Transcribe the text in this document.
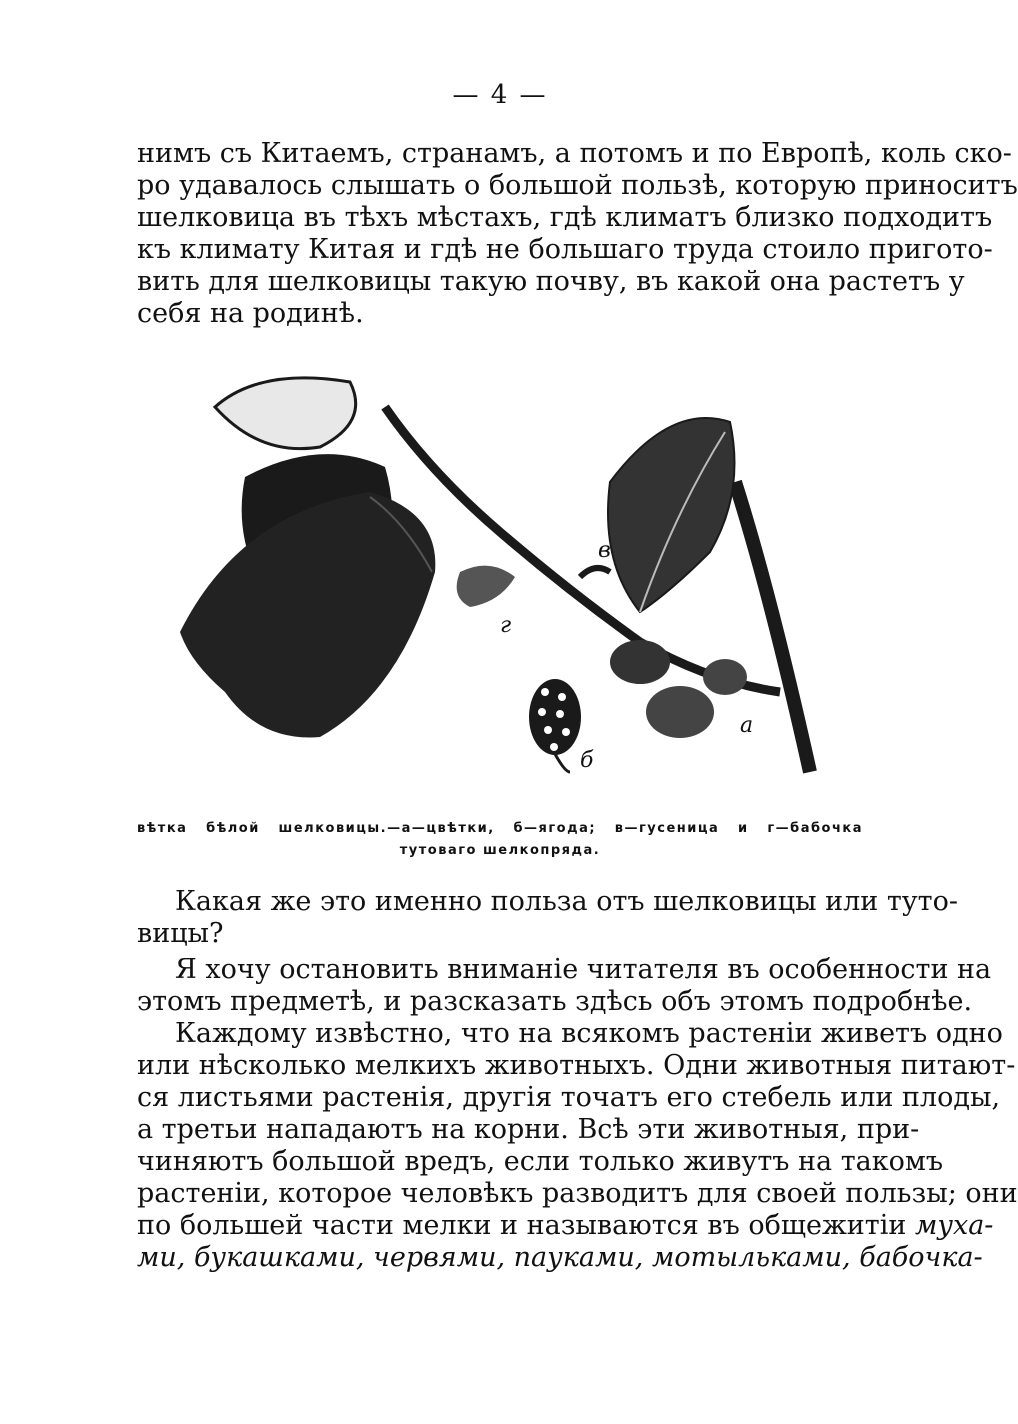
— 4 —

нимъ съ Китаемъ, странамъ, а потомъ и по Европѣ, коль ско-
ро удавалось слышать о большой пользѣ, которую приноситъ
шелковица въ тѣхъ мѣстахъ, гдѣ климатъ близко подходитъ
къ климату Китая и гдѣ не большаго труда стоило пригото-
вить для шелковицы такую почву, въ какой она растетъ у
себя на родинѣ.

а
б
в
г
вѣтка бѣлой шелковицы.—а—цвѣтки, б—ягода; в—гусеница и г—бабочка
тутоваго шелкопряда.

Какая же это именно польза отъ шелковицы или туто-
вицы?

Я хочу остановить вниманіе читателя въ особенности на
этомъ предметѣ, и разсказать здѣсь объ этомъ подробнѣе.

Каждому извѣстно, что на всякомъ растеніи живетъ одно
или нѣсколько мелкихъ животныхъ. Одни животныя питают-
ся листьями растенія, другія точатъ его стебель или плоды,
а третьи нападаютъ на корни. Всѣ эти животныя, при-
чиняютъ большой вредъ, если только живутъ на такомъ
растеніи, которое человѣкъ разводитъ для своей пользы; они
по большей части мелки и называются въ общежитіи муха-
ми, букашками, червями, пауками, мотыльками, бабочка-
